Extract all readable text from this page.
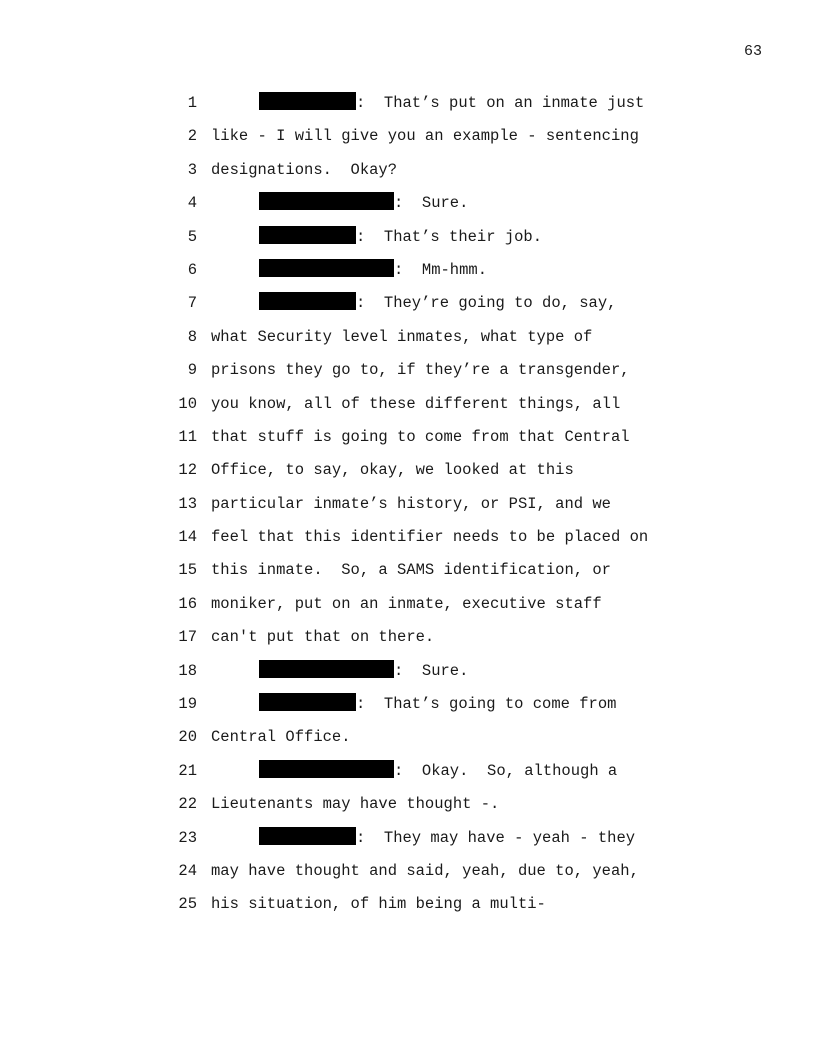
63
1	:  That’s put on an inmate just
2 like - I will give you an example - sentencing
3 designations.  Okay?
4	:  Sure.
5	:  That’s their job.
6	:  Mm-hmm.
7	:  They’re going to do, say,
8 what Security level inmates, what type of
9 prisons they go to, if they’re a transgender,
10 you know, all of these different things, all
11 that stuff is going to come from that Central
12 Office, to say, okay, we looked at this
13 particular inmate’s history, or PSI, and we
14 feel that this identifier needs to be placed on
15 this inmate.  So, a SAMS identification, or
16 moniker, put on an inmate, executive staff
17 can't put that on there.
18	:  Sure.
19	:  That’s going to come from
20 Central Office.
21	:  Okay.  So, although a
22 Lieutenants may have thought -.
23	:  They may have - yeah - they
24 may have thought and said, yeah, due to, yeah,
25 his situation, of him being a multi-
